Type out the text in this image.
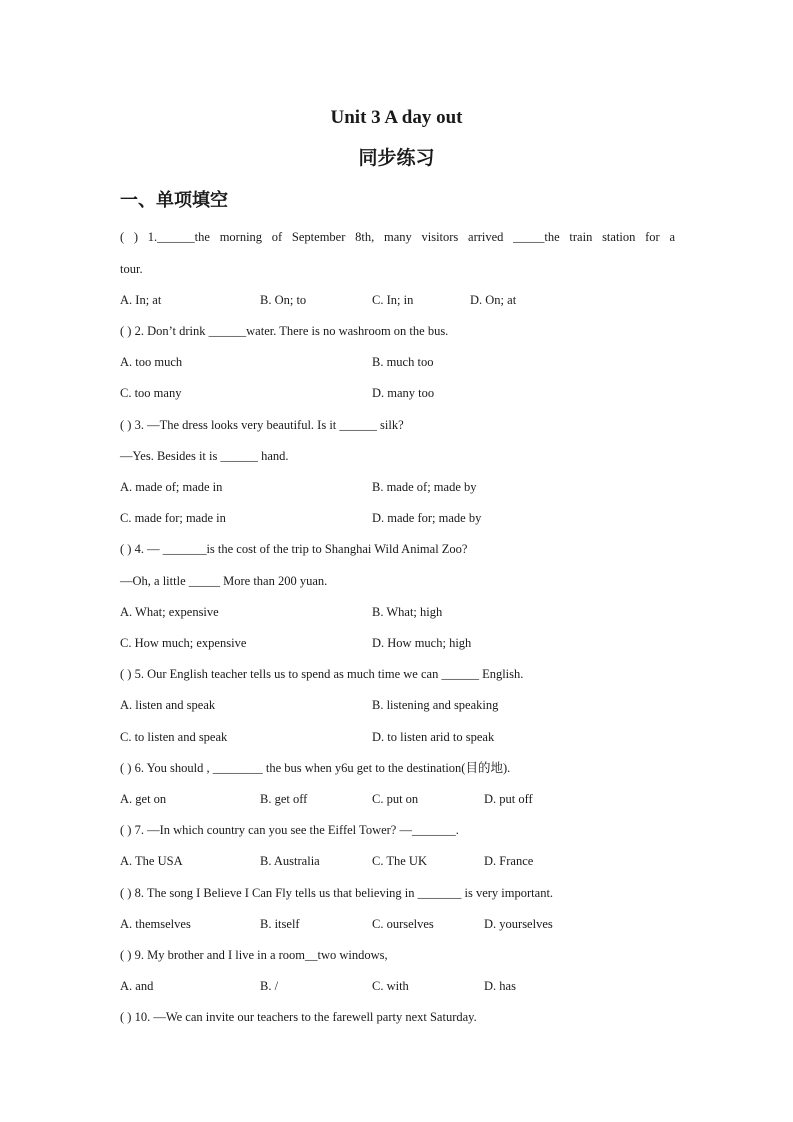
Unit 3 A day out
同步练习
一、单项填空
( ) 1.______the morning of September 8th, many visitors arrived _____the train station for a
tour.
A. In; at	B. On; to	C. In; in	D. On; at
( ) 2. Don’t drink ______water. There is no washroom on the bus.
A. too much	B. much too
C. too many	D. many too
( ) 3. —The dress looks very beautiful. Is it ______ silk?
—Yes. Besides it is ______ hand.
A. made of; made in	B. made of; made by
C. made for; made in	D. made for; made by
( ) 4. — _______is the cost of the trip to Shanghai Wild Animal Zoo?
—Oh, a little _____ More than 200 yuan.
A. What; expensive	B. What; high
C. How much; expensive	D. How much; high
( ) 5. Our English teacher tells us to spend as much time we can ______ English.
A. listen and speak	B. listening and speaking
C. to listen and speak	D. to listen arid to speak
( ) 6. You should , ________ the bus when y6u get to the destination(目的地).
A. get on	B. get off	C. put on	D. put off
( ) 7. —In which country can you see the Eiffel Tower? —_______.
A. The USA	B. Australia	C. The UK	D. France
( ) 8. The song I Believe I Can Fly tells us that believing in _______ is very important.
A. themselves	B. itself	C. ourselves	D. yourselves
( ) 9. My brother and I live in a room__two windows,
A. and	B. /	C. with	D. has
( ) 10. —We can invite our teachers to the farewell party next Saturday.
